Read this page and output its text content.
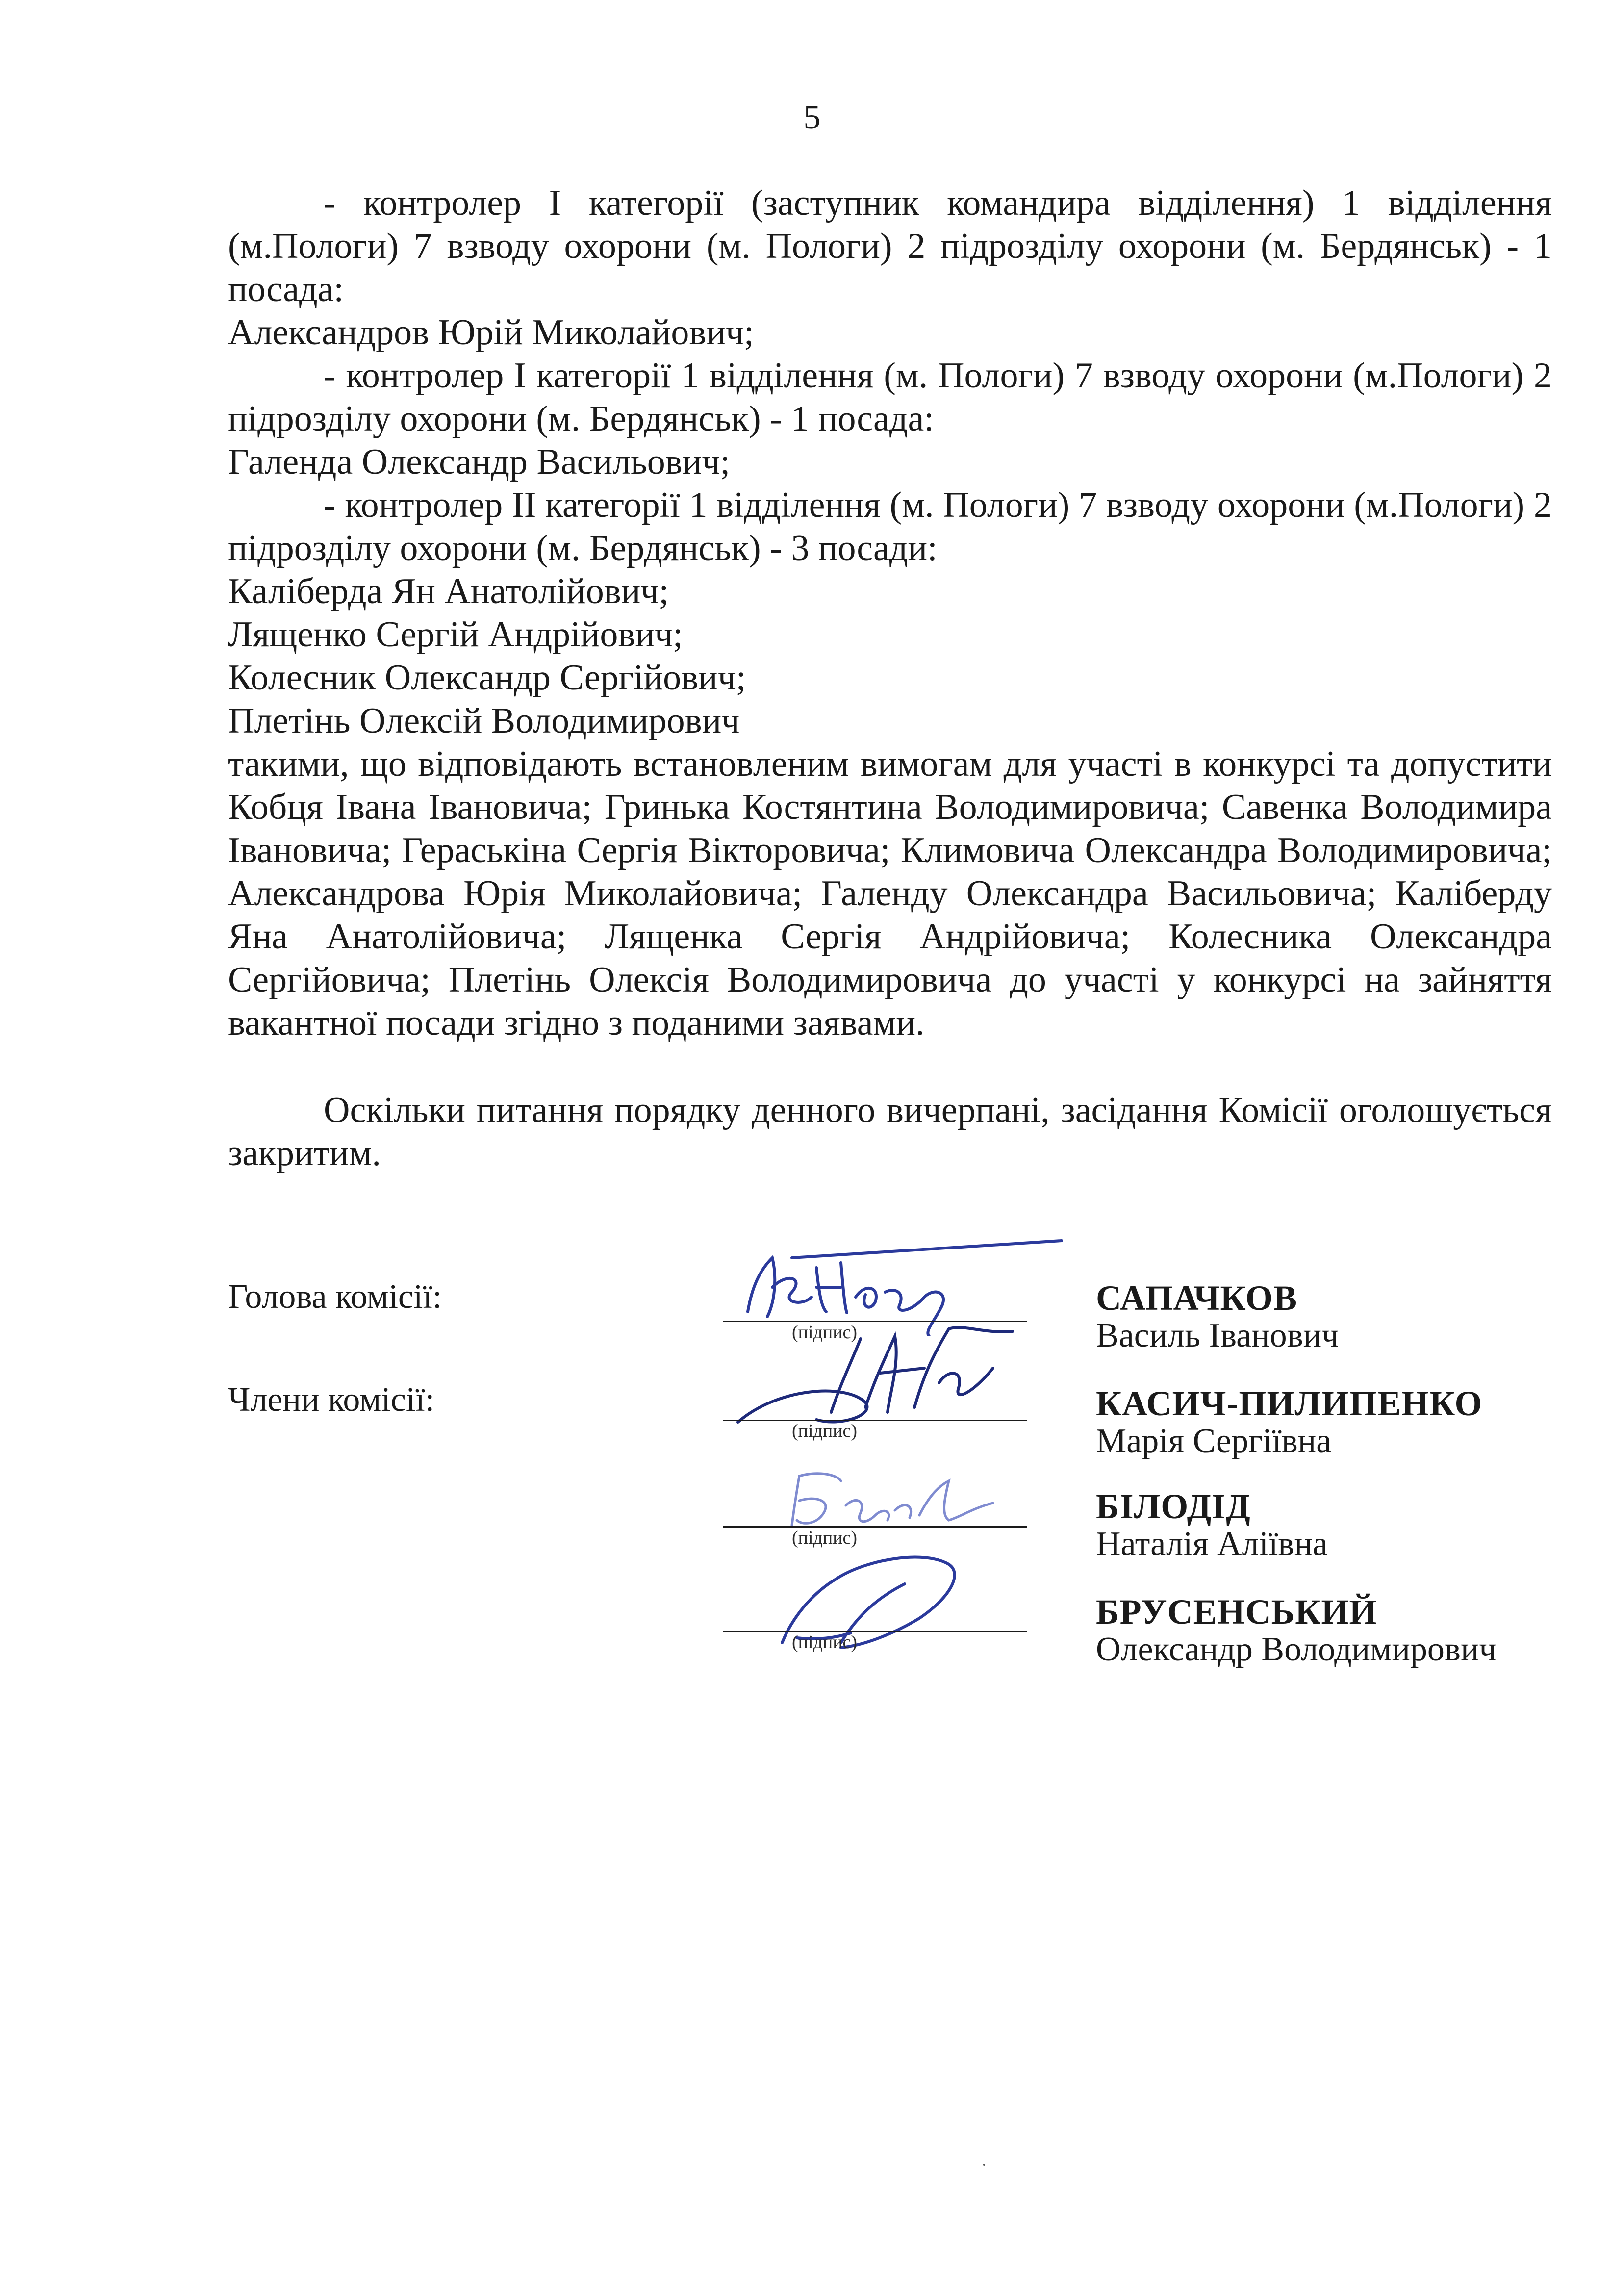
5

- контролер І категорії (заступник командира відділення) 1 відділення (м.Пологи) 7 взводу охорони (м. Пологи) 2 підрозділу охорони (м. Бердянськ) - 1 посада:

Александров Юрій Миколайович;

- контролер І категорії 1 відділення (м. Пологи) 7 взводу охорони (м.Пологи) 2 підрозділу охорони (м. Бердянськ) - 1 посада:

Галенда Олександр Васильович;

- контролер ІІ категорії 1 відділення (м. Пологи) 7 взводу охорони (м.Пологи) 2 підрозділу охорони (м. Бердянськ) - 3 посади:

Каліберда Ян Анатолійович;

Лященко Сергій Андрійович;

Колесник Олександр Сергійович;

Плетінь Олексій Володимирович

такими, що відповідають встановленим вимогам для участі в конкурсі та допустити Кобця Івана Івановича; Гринька Костянтина Володимировича; Савенка Володимира Івановича; Гераськіна Сергія Вікторовича; Климовича Олександра Володимировича; Александрова Юрія Миколайовича; Галенду Олександра Васильовича; Каліберду Яна Анатолійовича; Лященка Сергія Андрійовича; Колесника Олександра Сергійовича; Плетінь Олексія Володимировича до участі у конкурсі на зайняття вакантної посади згідно з поданими заявами.

Оскільки питання порядку денного вичерпані, засідання Комісії оголошується закритим.

Голова комісії:
(підпис)
САПАЧКОВ
Василь Іванович
Члени комісії:
(підпис)
КАСИЧ-ПИЛИПЕНКО
Марія Сергіївна
(підпис)
БІЛОДІД
Наталія Аліївна
(підпис)
БРУСЕНСЬКИЙ
Олександр Володимирович
